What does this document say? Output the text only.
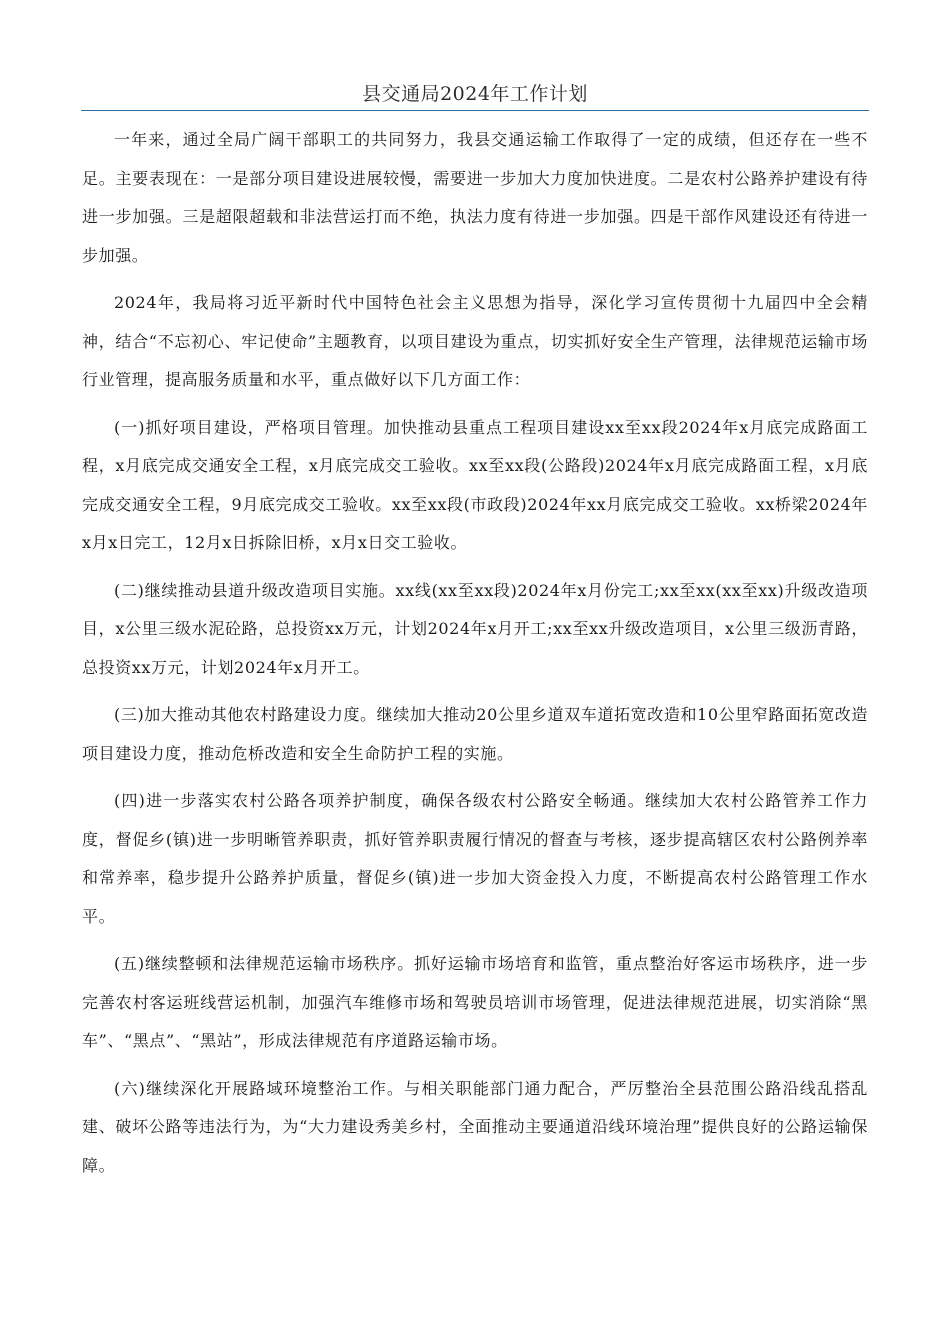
县交通局2024年工作计划

一年来，通过全局广阔干部职工的共同努力，我县交通运输工作取得了一定的成绩，但还存在一些不足。主要表现在：一是部分项目建设进展较慢，需要进一步加大力度加快进度。二是农村公路养护建设有待进一步加强。三是超限超载和非法营运打而不绝，执法力度有待进一步加强。四是干部作风建设还有待进一步加强。

2024年，我局将习近平新时代中国特色社会主义思想为指导，深化学习宣传贯彻十九届四中全会精神，结合“不忘初心、牢记使命”主题教育，以项目建设为重点，切实抓好安全生产管理，法律规范运输市场行业管理，提高服务质量和水平，重点做好以下几方面工作：

(一)抓好项目建设，严格项目管理。加快推动县重点工程项目建设xx至xx段2024年x月底完成路面工程，x月底完成交通安全工程，x月底完成交工验收。xx至xx段(公路段)2024年x月底完成路面工程，x月底完成交通安全工程，9月底完成交工验收。xx至xx段(市政段)2024年xx月底完成交工验收。xx桥梁2024年x月x日完工，12月x日拆除旧桥，x月x日交工验收。

(二)继续推动县道升级改造项目实施。xx线(xx至xx段)2024年x月份完工;xx至xx(xx至xx)升级改造项目，x公里三级水泥砼路，总投资xx万元，计划2024年x月开工;xx至xx升级改造项目，x公里三级沥青路，总投资xx万元，计划2024年x月开工。

(三)加大推动其他农村路建设力度。继续加大推动20公里乡道双车道拓宽改造和10公里窄路面拓宽改造项目建设力度，推动危桥改造和安全生命防护工程的实施。

(四)进一步落实农村公路各项养护制度，确保各级农村公路安全畅通。继续加大农村公路管养工作力度，督促乡(镇)进一步明晰管养职责，抓好管养职责履行情况的督查与考核，逐步提高辖区农村公路例养率和常养率，稳步提升公路养护质量，督促乡(镇)进一步加大资金投入力度，不断提高农村公路管理工作水平。

(五)继续整顿和法律规范运输市场秩序。抓好运输市场培育和监管，重点整治好客运市场秩序，进一步完善农村客运班线营运机制，加强汽车维修市场和驾驶员培训市场管理，促进法律规范进展，切实消除“黑车”、“黑点”、“黑站”，形成法律规范有序道路运输市场。

(六)继续深化开展路域环境整治工作。与相关职能部门通力配合，严厉整治全县范围公路沿线乱搭乱建、破坏公路等违法行为，为“大力建设秀美乡村，全面推动主要通道沿线环境治理”提供良好的公路运输保障。
